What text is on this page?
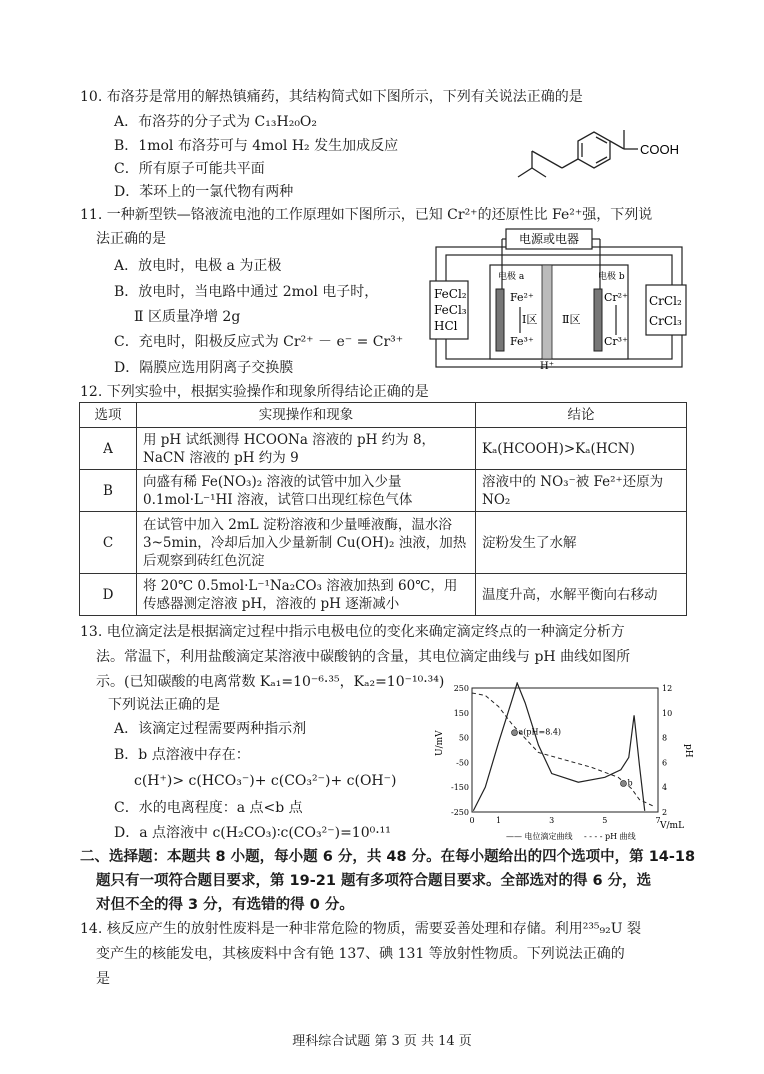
10. 布洛芬是常用的解热镇痛药，其结构简式如下图所示，下列有关说法正确的是
A．布洛芬的分子式为 C₁₃H₂₀O₂
B．1mol 布洛芬可与 4mol H₂ 发生加成反应
C．所有原子可能共平面
D．苯环上的一氯代物有两种
COOH
11. 一种新型铁—铬液流电池的工作原理如下图所示，已知 Cr²⁺的还原性比 Fe²⁺强，下列说
法正确的是
A．放电时，电极 a 为正极
B．放电时，当电路中通过 2mol 电子时，
Ⅱ 区质量净增 2g
C．充电时，阳极反应式为 Cr²⁺ － e⁻ = Cr³⁺
D．隔膜应选用阴离子交换膜
电源或电器
FeCl₂
FeCl₃
HCl
CrCl₂
CrCl₃
电极 a	电极 b
Fe²⁺
Fe³⁺
Ⅰ区 Ⅱ区
Cr²⁺
Cr³⁺
H⁺
12. 下列实验中，根据实验操作和现象所得结论正确的是
选项	实现操作和现象	结论
A	用 pH 试纸测得 HCOONa 溶液的 pH 约为 8，NaCN 溶液的 pH 约为 9	Kₐ(HCOOH)>Kₐ(HCN)
B	向盛有稀 Fe(NO₃)₂ 溶液的试管中加入少量 0.1mol·L⁻¹HI 溶液，试管口出现红棕色气体	溶液中的 NO₃⁻被 Fe²⁺还原为 NO₂
C	在试管中加入 2mL 淀粉溶液和少量唾液酶，温水浴 3~5min，冷却后加入少量新制 Cu(OH)₂ 浊液，加热后观察到砖红色沉淀	淀粉发生了水解
D	将 20℃ 0.5mol·L⁻¹Na₂CO₃ 溶液加热到 60℃，用传感器测定溶液 pH，溶液的 pH 逐渐减小	温度升高，水解平衡向右移动
13. 电位滴定法是根据滴定过程中指示电极电位的变化来确定滴定终点的一种滴定分析方
法。常温下，利用盐酸滴定某溶液中碳酸钠的含量，其电位滴定曲线与 pH 曲线如图所
示。(已知碳酸的电离常数 Kₐ₁=10⁻⁶·³⁵，Kₐ₂=10⁻¹⁰·³⁴)
下列说法正确的是
A．该滴定过程需要两种指示剂
B．b 点溶液中存在：
c(H⁺)> c(HCO₃⁻)+ c(CO₃²⁻)+ c(OH⁻)
C．水的电离程度：a 点<b 点
D．a 点溶液中 c(H₂CO₃)∶c(CO₃²⁻)=10⁰·¹¹
0	1	3	5	7
250
150
50
-50
-150
-250
12
10
8
6
4
2
a(pH=8.4)
b
U/mV	pH
V/mL
—— 电位滴定曲线 - - - - pH 曲线
二、选择题：本题共 8 小题，每小题 6 分，共 48 分。在每小题给出的四个选项中，第 14-18
题只有一项符合题目要求，第 19-21 题有多项符合题目要求。全部选对的得 6 分，选
对但不全的得 3 分，有选错的得 0 分。
14. 核反应产生的放射性废料是一种非常危险的物质，需要妥善处理和存储。利用²³⁵₉₂U 裂
变产生的核能发电，其核废料中含有铯 137、碘 131 等放射性物质。下列说法正确的
是
理科综合试题 第 3 页 共 14 页
